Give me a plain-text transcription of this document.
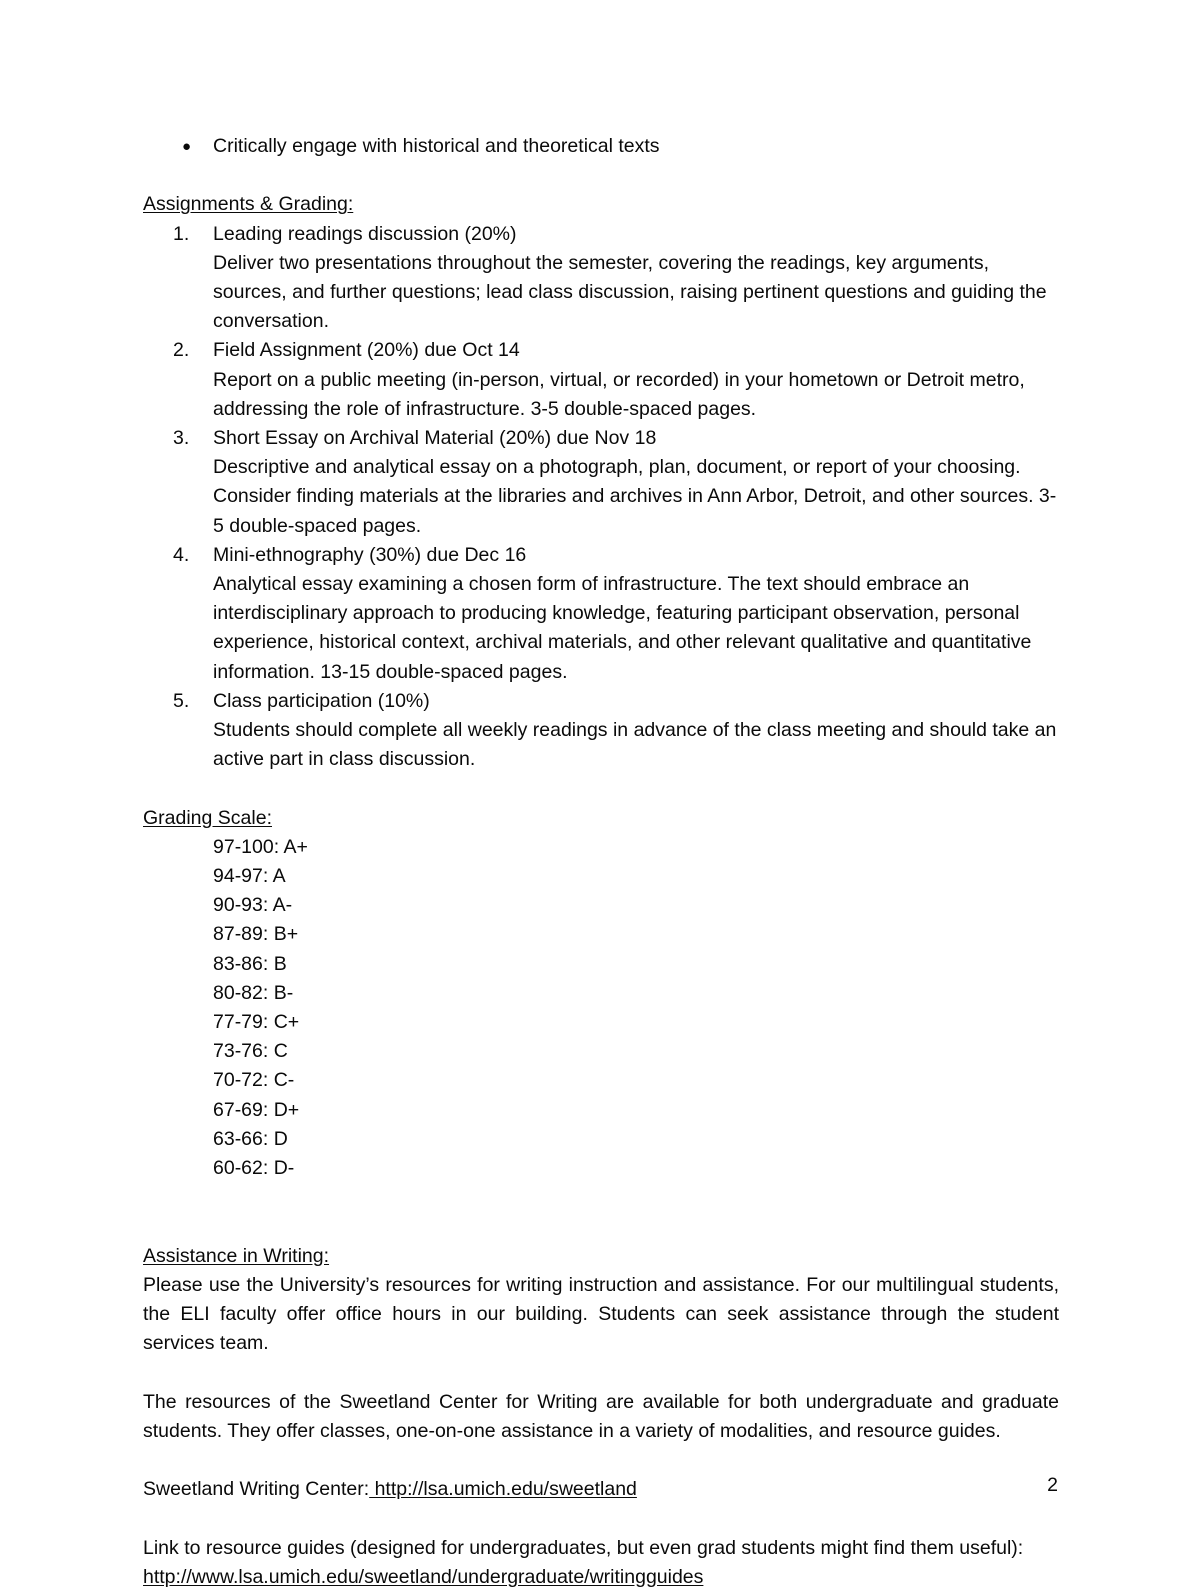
● Critically engage with historical and theoretical texts
Assignments & Grading:
1.	Leading readings discussion (20%)
Deliver two presentations throughout the semester, covering the readings, key arguments, sources, and further questions; lead class discussion, raising pertinent questions and guiding the conversation.
2.	Field Assignment (20%) due Oct 14
Report on a public meeting (in-person, virtual, or recorded) in your hometown or Detroit metro, addressing the role of infrastructure. 3-5 double-spaced pages.
3.	Short Essay on Archival Material (20%) due Nov 18
Descriptive and analytical essay on a photograph, plan, document, or report of your choosing. Consider finding materials at the libraries and archives in Ann Arbor, Detroit, and other sources. 3-5 double-spaced pages.
4.	Mini-ethnography (30%) due Dec 16
Analytical essay examining a chosen form of infrastructure. The text should embrace an interdisciplinary approach to producing knowledge, featuring participant observation, personal experience, historical context, archival materials, and other relevant qualitative and quantitative information. 13-15 double-spaced pages.
5.	Class participation (10%)
Students should complete all weekly readings in advance of the class meeting and should take an active part in class discussion.
Grading Scale:
97-100: A+
94-97: A
90-93: A-
87-89: B+
83-86: B
80-82: B-
77-79: C+
73-76: C
70-72: C-
67-69: D+
63-66: D
60-62: D-
Assistance in Writing:

Please use the University’s resources for writing instruction and assistance. For our multilingual students, the ELI faculty offer office hours in our building. Students can seek assistance through the student services team.

The resources of the Sweetland Center for Writing are available for both undergraduate and graduate students. They offer classes, one-on-one assistance in a variety of modalities, and resource guides.

Sweetland Writing Center: http://lsa.umich.edu/sweetland

Link to resource guides (designed for undergraduates, but even grad students might find them useful):

http://www.lsa.umich.edu/sweetland/undergraduate/writingguides

2
